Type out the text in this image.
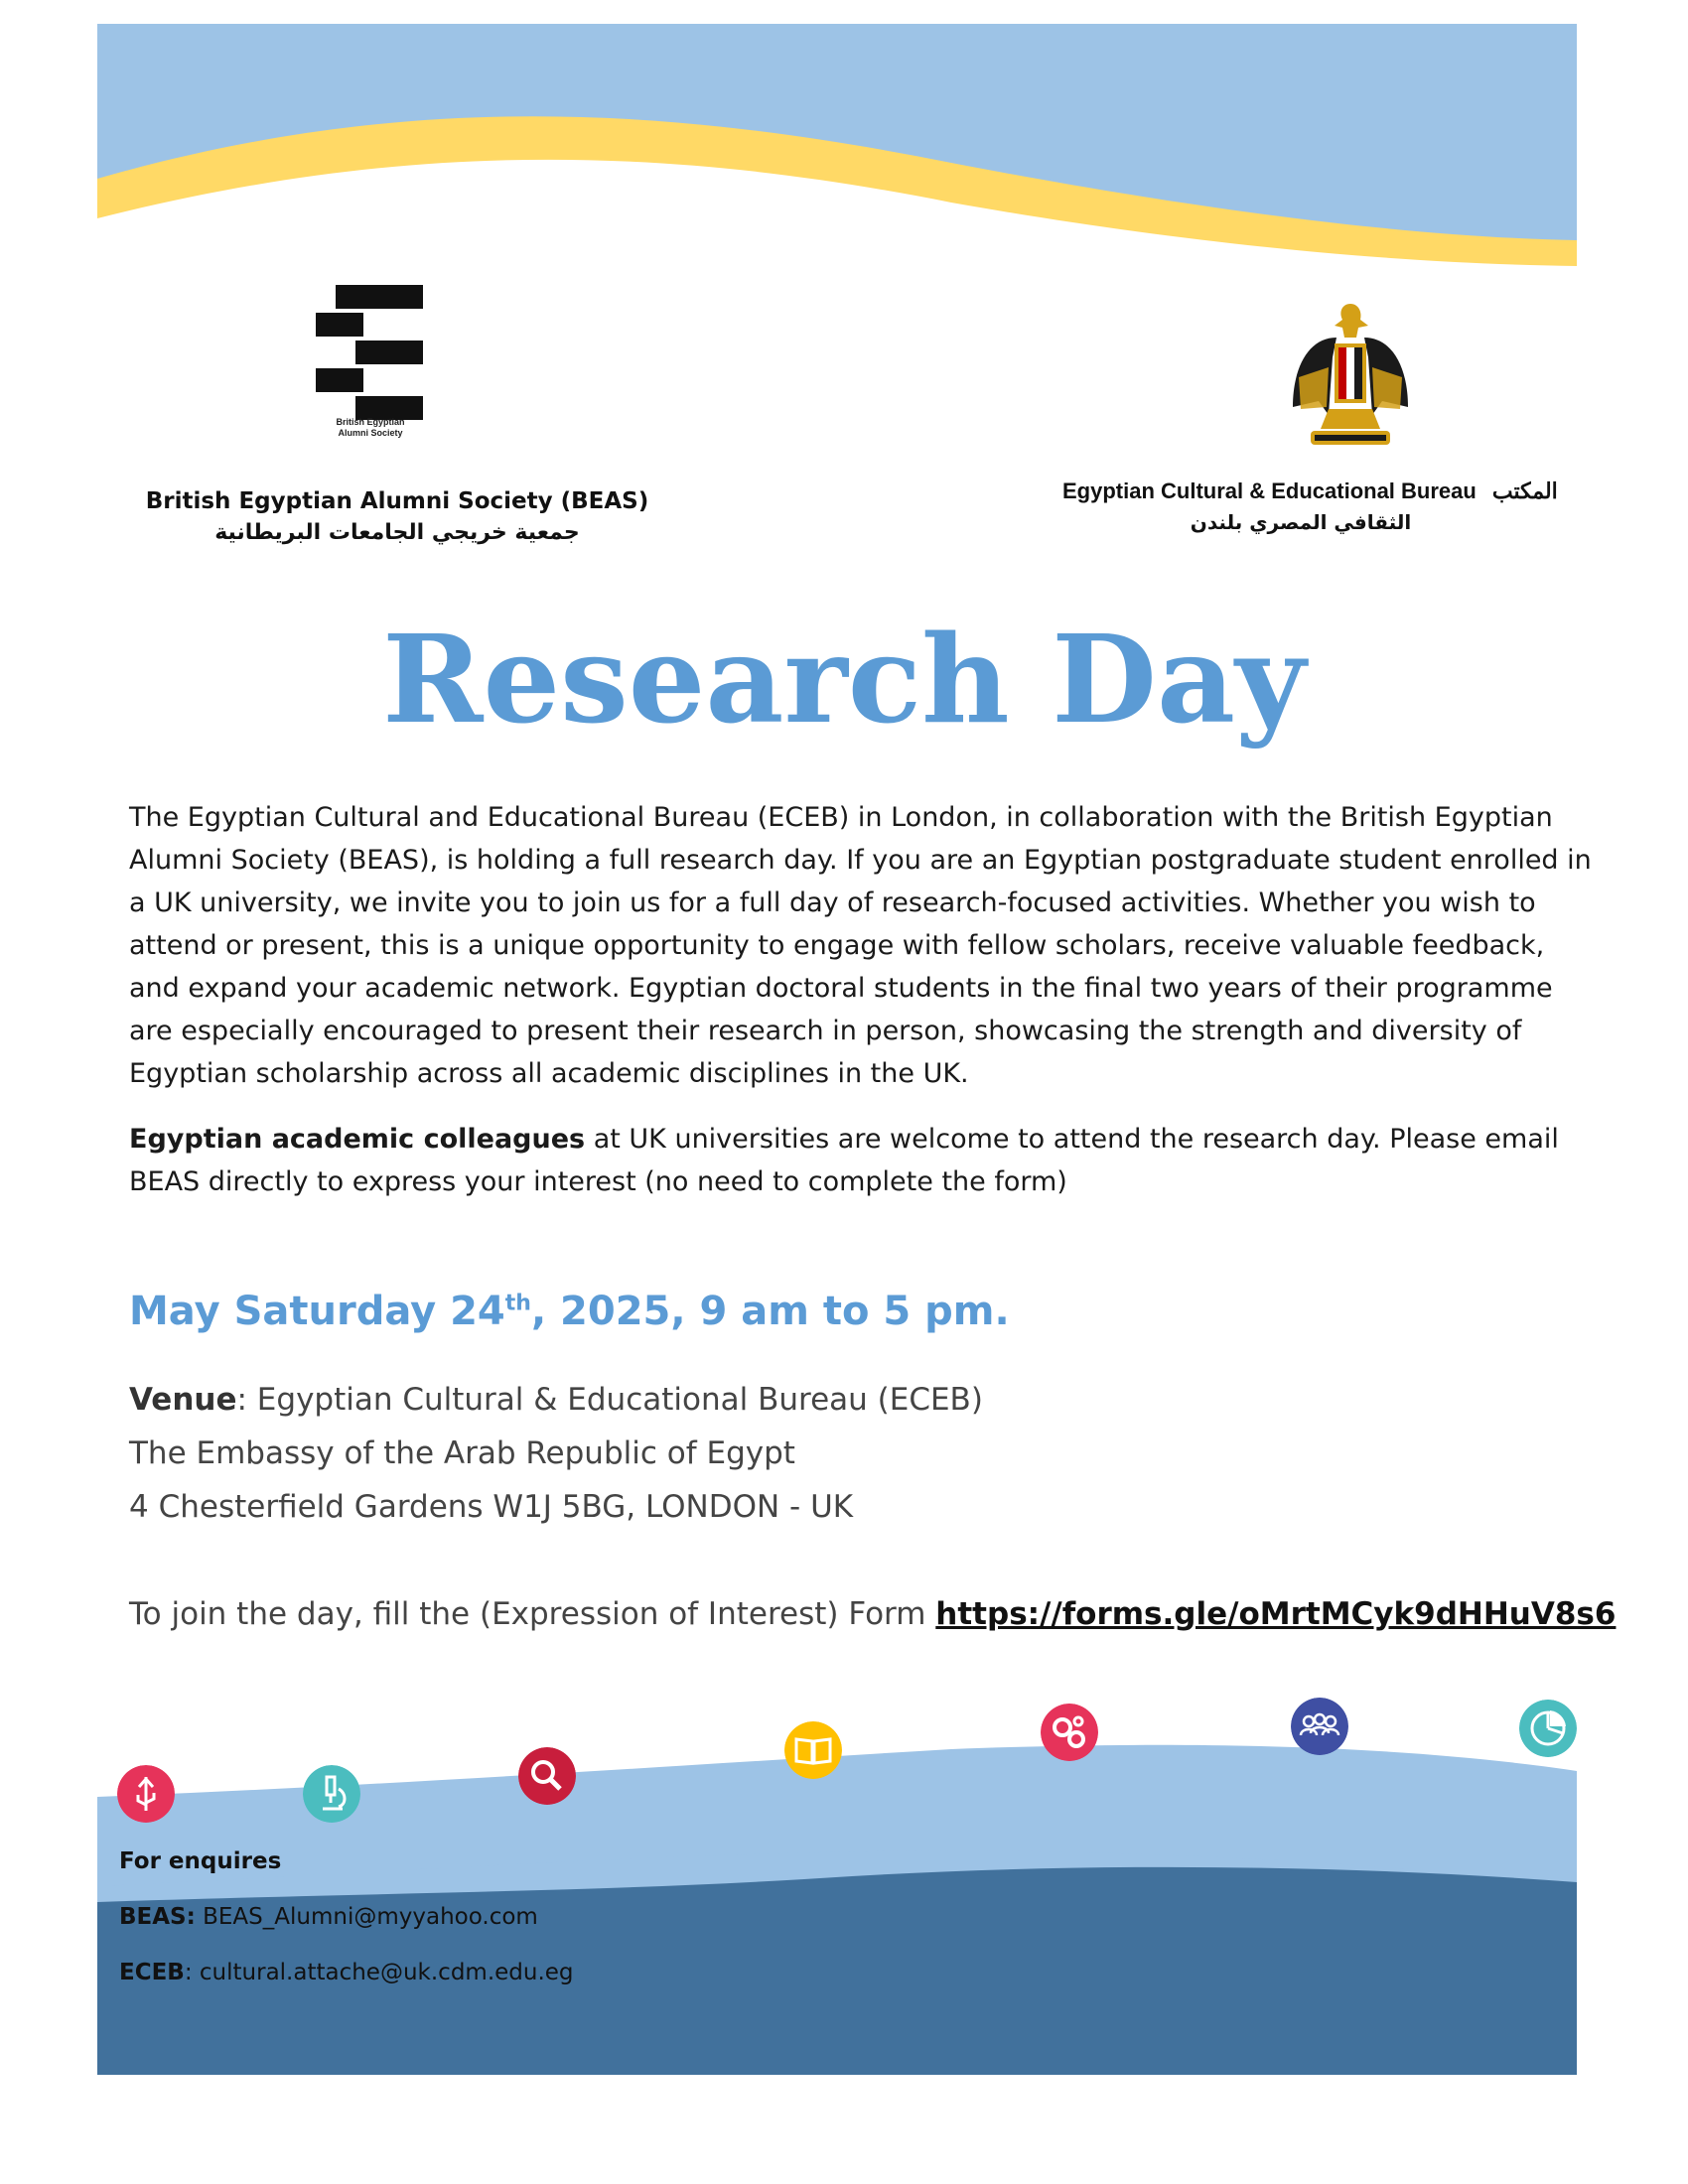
British Egyptian
Alumni Society
British Egyptian Alumni Society (BEAS)
جمعية خريجي الجامعات البريطانية
Egyptian Cultural & Educational Bureau المكتب
الثقافي المصري بلندن
Research Day
The Egyptian Cultural and Educational Bureau (ECEB) in London, in collaboration with the British Egyptian Alumni Society (BEAS), is holding a full research day. If you are an Egyptian postgraduate student enrolled in a UK university, we invite you to join us for a full day of research-focused activities. Whether you wish to attend or present, this is a unique opportunity to engage with fellow scholars, receive valuable feedback, and expand your academic network. Egyptian doctoral students in the final two years of their programme are especially encouraged to present their research in person, showcasing the strength and diversity of Egyptian scholarship across all academic disciplines in the UK.
Egyptian academic colleagues at UK universities are welcome to attend the research day. Please email BEAS directly to express your interest (no need to complete the form)
May Saturday 24th, 2025, 9 am to 5 pm.
Venue: Egyptian Cultural & Educational Bureau (ECEB)
The Embassy of the Arab Republic of Egypt
4 Chesterfield Gardens W1J 5BG, LONDON - UK
To join the day, fill the (Expression of Interest) Form https://forms.gle/oMrtMCyk9dHHuV8s6
For enquires
BEAS: BEAS_Alumni@myyahoo.com
ECEB: cultural.attache@uk.cdm.edu.eg
